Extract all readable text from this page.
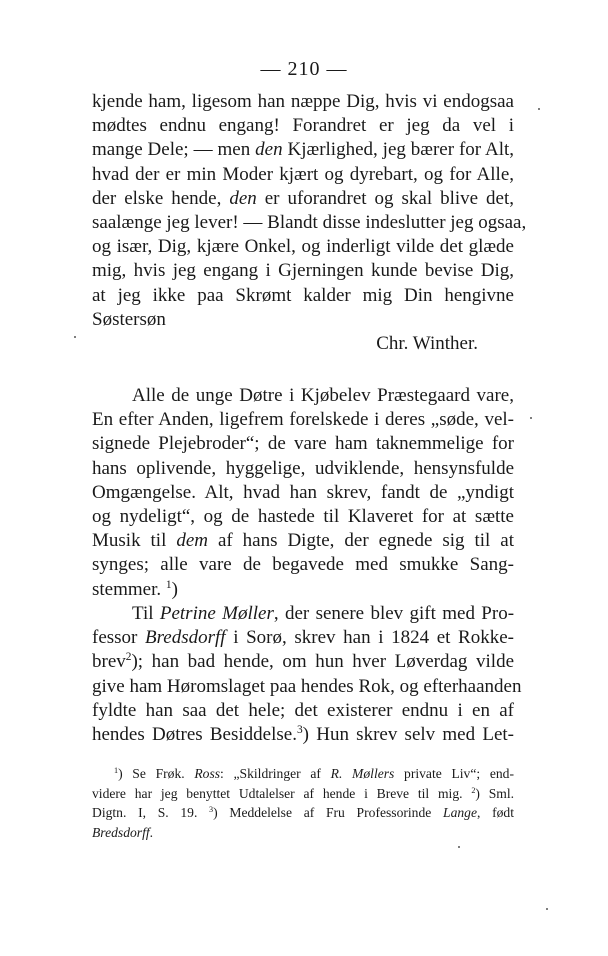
— 210 —
kjende ham, ligesom han næppe Dig, hvis vi endogsaa
mødtes endnu engang! Forandret er jeg da vel i
mange Dele; — men den Kjærlighed, jeg bærer for Alt,
hvad der er min Moder kjært og dyrebart, og for Alle,
der elske hende, den er uforandret og skal blive det,
saalænge jeg lever! — Blandt disse indeslutter jeg ogsaa,
og især, Dig, kjære Onkel, og inderligt vilde det glæde
mig, hvis jeg engang i Gjerningen kunde bevise Dig,
at jeg ikke paa Skrømt kalder mig Din hengivne
Søstersøn
Chr. Winther.
Alle de unge Døtre i Kjøbelev Præstegaard vare,
En efter Anden, ligefrem forelskede i deres „søde, vel-
signede Plejebroder“; de vare ham taknemmelige for
hans oplivende, hyggelige, udviklende, hensynsfulde
Omgængelse. Alt, hvad han skrev, fandt de „yndigt
og nydeligt“, og de hastede til Klaveret for at sætte
Musik til dem af hans Digte, der egnede sig til at
synges; alle vare de begavede med smukke Sang-
stemmer. $^1$)
Til Petrine Møller, der senere blev gift med Pro-
fessor Bredsdorff i Sorø, skrev han i 1824 et Rokke-
brev$^2$); han bad hende, om hun hver Løverdag vilde
give ham Høromslaget paa hendes Rok, og efterhaanden
fyldte han saa det hele; det existerer endnu i en af
hendes Døtres Besiddelse.$^3$) Hun skrev selv med Let-
$^1$) Se Frøk. Ross: „Skildringer af R. Møllers private Liv“; end-
videre har jeg benyttet Udtalelser af hende i Breve til mig. $^2$) Sml.
Digtn. I, S. 19. $^3$) Meddelelse af Fru Professorinde Lange, født
Bredsdorff.
